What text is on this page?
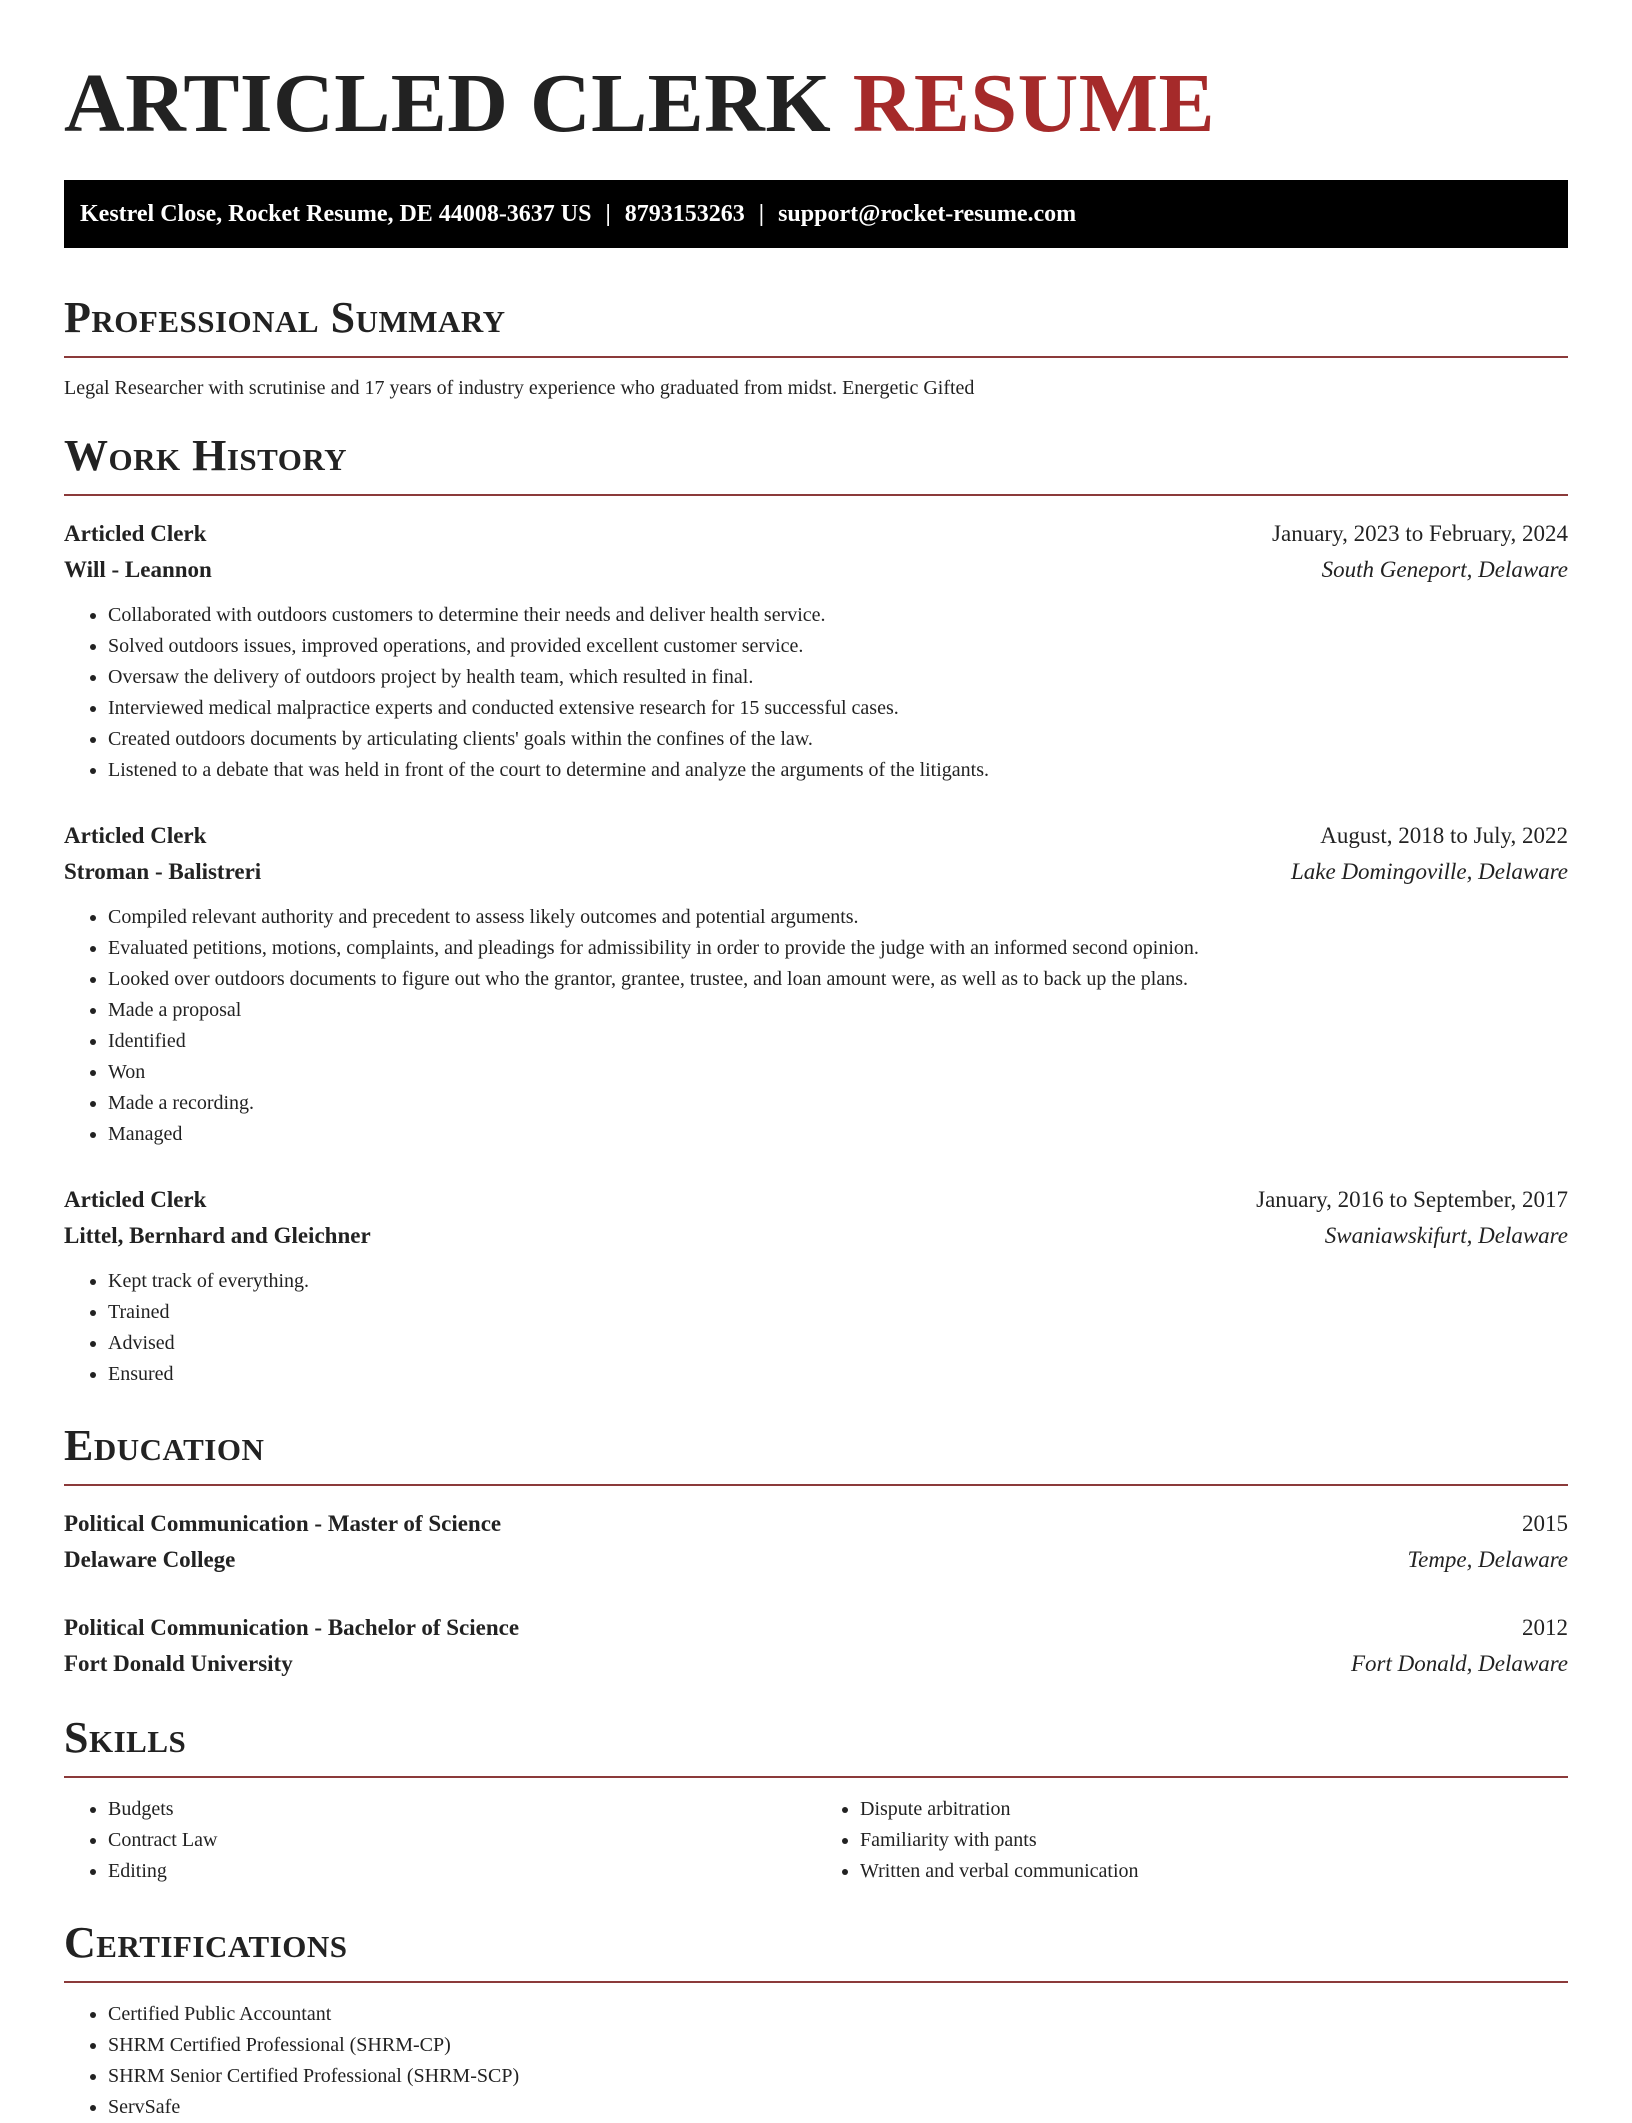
ARTICLED CLERK RESUME
Kestrel Close, Rocket Resume, DE 44008-3637 US | 8793153263 | support@rocket-resume.com
Professional Summary
Legal Researcher with scrutinise and 17 years of industry experience who graduated from midst. Energetic Gifted
Work History
Articled Clerk	January, 2023 to February, 2024
Will - Leannon	South Geneport, Delaware
• Collaborated with outdoors customers to determine their needs and deliver health service.
• Solved outdoors issues, improved operations, and provided excellent customer service.
• Oversaw the delivery of outdoors project by health team, which resulted in final.
• Interviewed medical malpractice experts and conducted extensive research for 15 successful cases.
• Created outdoors documents by articulating clients' goals within the confines of the law.
• Listened to a debate that was held in front of the court to determine and analyze the arguments of the litigants.
Articled Clerk	August, 2018 to July, 2022
Stroman - Balistreri	Lake Domingoville, Delaware
• Compiled relevant authority and precedent to assess likely outcomes and potential arguments.
• Evaluated petitions, motions, complaints, and pleadings for admissibility in order to provide the judge with an informed second opinion.
• Looked over outdoors documents to figure out who the grantor, grantee, trustee, and loan amount were, as well as to back up the plans.
• Made a proposal
• Identified
• Won
• Made a recording.
• Managed
Articled Clerk	January, 2016 to September, 2017
Littel, Bernhard and Gleichner	Swaniawskifurt, Delaware
• Kept track of everything.
• Trained
• Advised
• Ensured
Education
Political Communication - Master of Science	2015
Delaware College	Tempe, Delaware
Political Communication - Bachelor of Science	2012
Fort Donald University	Fort Donald, Delaware
Skills
• Budgets
• Contract Law
• Editing
• Dispute arbitration
• Familiarity with pants
• Written and verbal communication
Certifications
• Certified Public Accountant
• SHRM Certified Professional (SHRM-CP)
• SHRM Senior Certified Professional (SHRM-SCP)
• ServSafe
